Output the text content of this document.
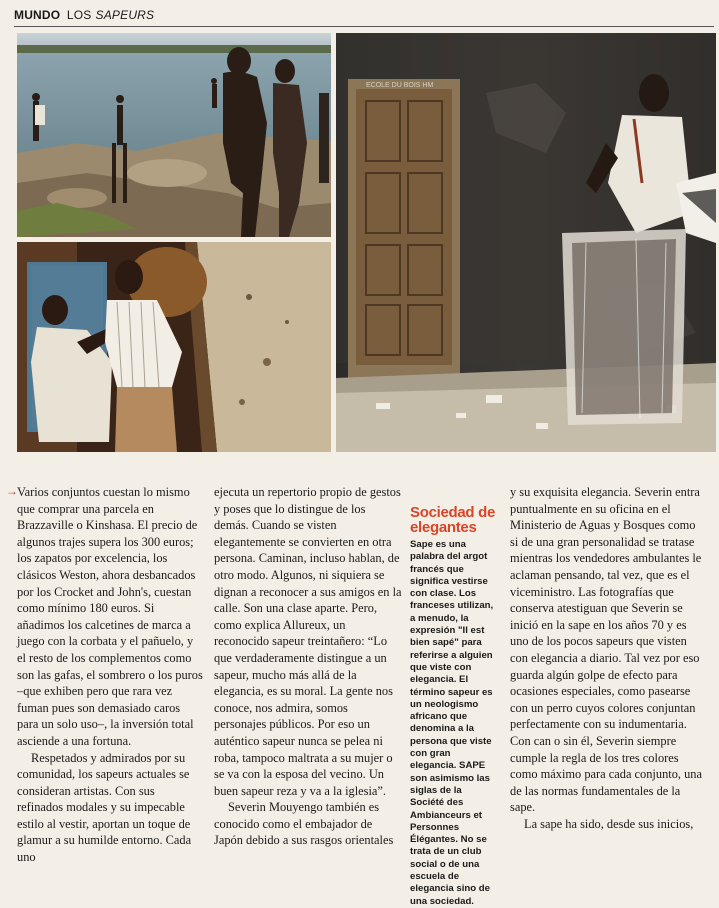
MUNDO LOS SAPEURS
ECOLE DU BOIS HM
→ Varios conjuntos cuestan lo mismo que comprar una parcela en Brazzaville o Kinshasa. El precio de algunos trajes supera los 300 euros; los zapatos por excelencia, los clásicos Weston, ahora desbancados por los Crocket and John's, cuestan como mínimo 180 euros. Si añadimos los calcetines de marca a juego con la corbata y el pañuelo, y el resto de los complementos como son las gafas, el sombrero o los puros –que exhiben pero que rara vez fuman pues son demasiado caros para un solo uso–, la inversión total asciende a una fortuna.

Respetados y admirados por su comunidad, los sapeurs actuales se consideran artistas. Con sus refinados modales y su impecable estilo al vestir, aportan un toque de glamur a su humilde entorno. Cada uno

ejecuta un repertorio propio de gestos y poses que lo distingue de los demás. Cuando se visten elegantemente se convierten en otra persona. Caminan, incluso hablan, de otro modo. Algunos, ni siquiera se dignan a reconocer a sus amigos en la calle. Son una clase aparte. Pero, como explica Allureux, un reconocido sapeur treintañero: “Lo que verdaderamente distingue a un sapeur, mucho más allá de la elegancia, es su moral. La gente nos conoce, nos admira, somos personajes públicos. Por eso un auténtico sapeur nunca se pelea ni roba, tampoco maltrata a su mujer o se va con la esposa del vecino. Un buen sapeur reza y va a la iglesia”.

Severin Mouyengo también es conocido como el embajador de Japón debido a sus rasgos orientales

Sociedad de elegantes
Sape es una palabra del argot francés que significa vestirse con clase. Los franceses utilizan, a menudo, la expresión "Il est bien sapé" para referirse a alguien que viste con elegancia. El término sapeur es un neologismo africano que denomina a la persona que viste con gran elegancia. SAPE son asimismo las siglas de la Société des Ambianceurs et Personnes Élégantes. No se trata de un club social o de una escuela de elegancia sino de una sociedad.

y su exquisita elegancia. Severin entra puntualmente en su oficina en el Ministerio de Aguas y Bosques como si de una gran personalidad se tratase mientras los vendedores ambulantes le aclaman pensando, tal vez, que es el viceministro. Las fotografías que conserva atestiguan que Severin se inició en la sape en los años 70 y es uno de los pocos sapeurs que visten con elegancia a diario. Tal vez por eso guarda algún golpe de efecto para ocasiones especiales, como pasearse con un perro cuyos colores conjuntan perfectamente con su indumentaria. Con can o sin él, Severin siempre cumple la regla de los tres colores como máximo para cada conjunto, una de las normas fundamentales de la sape.

La sape ha sido, desde sus inicios,
